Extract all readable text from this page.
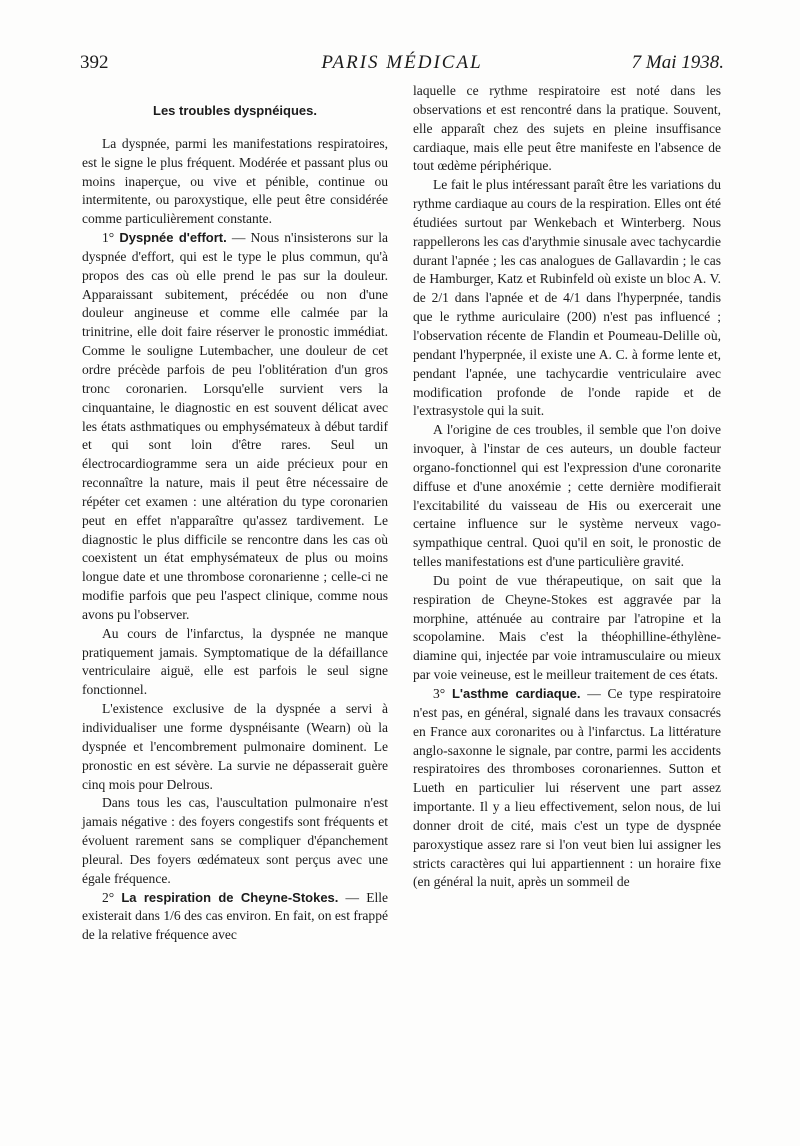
392	PARIS MÉDICAL	7 Mai 1938.
Les troubles dyspnéiques.

La dyspnée, parmi les manifestations respiratoires, est le signe le plus fréquent. Modérée et passant plus ou moins inaperçue, ou vive et pénible, continue ou intermitente, ou paroxystique, elle peut être considérée comme particulièrement constante.

1° Dyspnée d'effort. — Nous n'insisterons sur la dyspnée d'effort, qui est le type le plus commun, qu'à propos des cas où elle prend le pas sur la douleur. Apparaissant subitement, précédée ou non d'une douleur angineuse et comme elle calmée par la trinitrine, elle doit faire réserver le pronostic immédiat. Comme le souligne Lutembacher, une douleur de cet ordre précède parfois de peu l'oblitération d'un gros tronc coronarien. Lorsqu'elle survient vers la cinquantaine, le diagnostic en est souvent délicat avec les états asthmatiques ou emphysémateux à début tardif et qui sont loin d'être rares. Seul un électrocardiogramme sera un aide précieux pour en reconnaître la nature, mais il peut être nécessaire de répéter cet examen : une altération du type coronarien peut en effet n'apparaître qu'assez tardivement. Le diagnostic le plus difficile se rencontre dans les cas où coexistent un état emphysémateux de plus ou moins longue date et une thrombose coronarienne ; celle-ci ne modifie parfois que peu l'aspect clinique, comme nous avons pu l'observer.

Au cours de l'infarctus, la dyspnée ne manque pratiquement jamais. Symptomatique de la défaillance ventriculaire aiguë, elle est parfois le seul signe fonctionnel.

L'existence exclusive de la dyspnée a servi à individualiser une forme dyspnéisante (Wearn) où la dyspnée et l'encombrement pulmonaire dominent. Le pronostic en est sévère. La survie ne dépasserait guère cinq mois pour Delrous.

Dans tous les cas, l'auscultation pulmonaire n'est jamais négative : des foyers congestifs sont fréquents et évoluent rarement sans se compliquer d'épanchement pleural. Des foyers œdémateux sont perçus avec une égale fréquence.

2° La respiration de Cheyne-Stokes. — Elle existerait dans 1/6 des cas environ. En fait, on est frappé de la relative fréquence avec

laquelle ce rythme respiratoire est noté dans les observations et est rencontré dans la pratique. Souvent, elle apparaît chez des sujets en pleine insuffisance cardiaque, mais elle peut être manifeste en l'absence de tout œdème périphérique.

Le fait le plus intéressant paraît être les variations du rythme cardiaque au cours de la respiration. Elles ont été étudiées surtout par Wenkebach et Winterberg. Nous rappellerons les cas d'arythmie sinusale avec tachycardie durant l'apnée ; les cas analogues de Gallavardin ; le cas de Hamburger, Katz et Rubinfeld où existe un bloc A. V. de 2/1 dans l'apnée et de 4/1 dans l'hyperpnée, tandis que le rythme auriculaire (200) n'est pas influencé ; l'observation récente de Flandin et Poumeau-Delille où, pendant l'hyperpnée, il existe une A. C. à forme lente et, pendant l'apnée, une tachycardie ventriculaire avec modification profonde de l'onde rapide et de l'extrasystole qui la suit.

A l'origine de ces troubles, il semble que l'on doive invoquer, à l'instar de ces auteurs, un double facteur organo-fonctionnel qui est l'expression d'une coronarite diffuse et d'une anoxémie ; cette dernière modifierait l'excitabilité du vaisseau de His ou exercerait une certaine influence sur le système nerveux vago-sympathique central. Quoi qu'il en soit, le pronostic de telles manifestations est d'une particulière gravité.

Du point de vue thérapeutique, on sait que la respiration de Cheyne-Stokes est aggravée par la morphine, atténuée au contraire par l'atropine et la scopolamine. Mais c'est la théophilline-éthylène-diamine qui, injectée par voie intramusculaire ou mieux par voie veineuse, est le meilleur traitement de ces états.

3° L'asthme cardiaque. — Ce type respiratoire n'est pas, en général, signalé dans les travaux consacrés en France aux coronarites ou à l'infarctus. La littérature anglo-saxonne le signale, par contre, parmi les accidents respiratoires des thromboses coronariennes. Sutton et Lueth en particulier lui réservent une part assez importante. Il y a lieu effectivement, selon nous, de lui donner droit de cité, mais c'est un type de dyspnée paroxystique assez rare si l'on veut bien lui assigner les stricts caractères qui lui appartiennent : un horaire fixe (en général la nuit, après un sommeil de
